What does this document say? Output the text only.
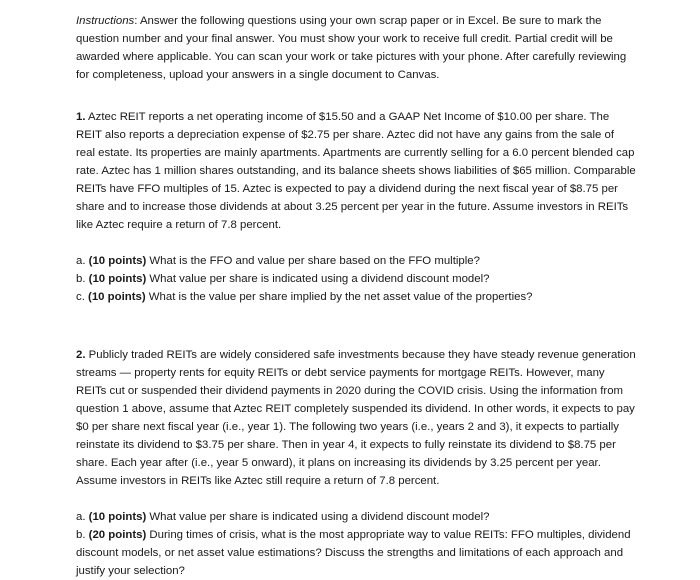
Instructions: Answer the following questions using your own scrap paper or in Excel. Be sure to mark the question number and your final answer. You must show your work to receive full credit. Partial credit will be awarded where applicable. You can scan your work or take pictures with your phone. After carefully reviewing for completeness, upload your answers in a single document to Canvas.

1. Aztec REIT reports a net operating income of $15.50 and a GAAP Net Income of $10.00 per share. The REIT also reports a depreciation expense of $2.75 per share. Aztec did not have any gains from the sale of real estate. Its properties are mainly apartments. Apartments are currently selling for a 6.0 percent blended cap rate. Aztec has 1 million shares outstanding, and its balance sheets shows liabilities of $65 million. Comparable REITs have FFO multiples of 15. Aztec is expected to pay a dividend during the next fiscal year of $8.75 per share and to increase those dividends at about 3.25 percent per year in the future. Assume investors in REITs like Aztec require a return of 7.8 percent.

a. (10 points) What is the FFO and value per share based on the FFO multiple?

b. (10 points) What value per share is indicated using a dividend discount model?

c. (10 points) What is the value per share implied by the net asset value of the properties?

2. Publicly traded REITs are widely considered safe investments because they have steady revenue generation streams — property rents for equity REITs or debt service payments for mortgage REITs. However, many REITs cut or suspended their dividend payments in 2020 during the COVID crisis. Using the information from question 1 above, assume that Aztec REIT completely suspended its dividend. In other words, it expects to pay $0 per share next fiscal year (i.e., year 1). The following two years (i.e., years 2 and 3), it expects to partially reinstate its dividend to $3.75 per share. Then in year 4, it expects to fully reinstate its dividend to $8.75 per share. Each year after (i.e., year 5 onward), it plans on increasing its dividends by 3.25 percent per year. Assume investors in REITs like Aztec still require a return of 7.8 percent.

a. (10 points) What value per share is indicated using a dividend discount model?

b. (20 points) During times of crisis, what is the most appropriate way to value REITs: FFO multiples, dividend discount models, or net asset value estimations? Discuss the strengths and limitations of each approach and justify your selection?
